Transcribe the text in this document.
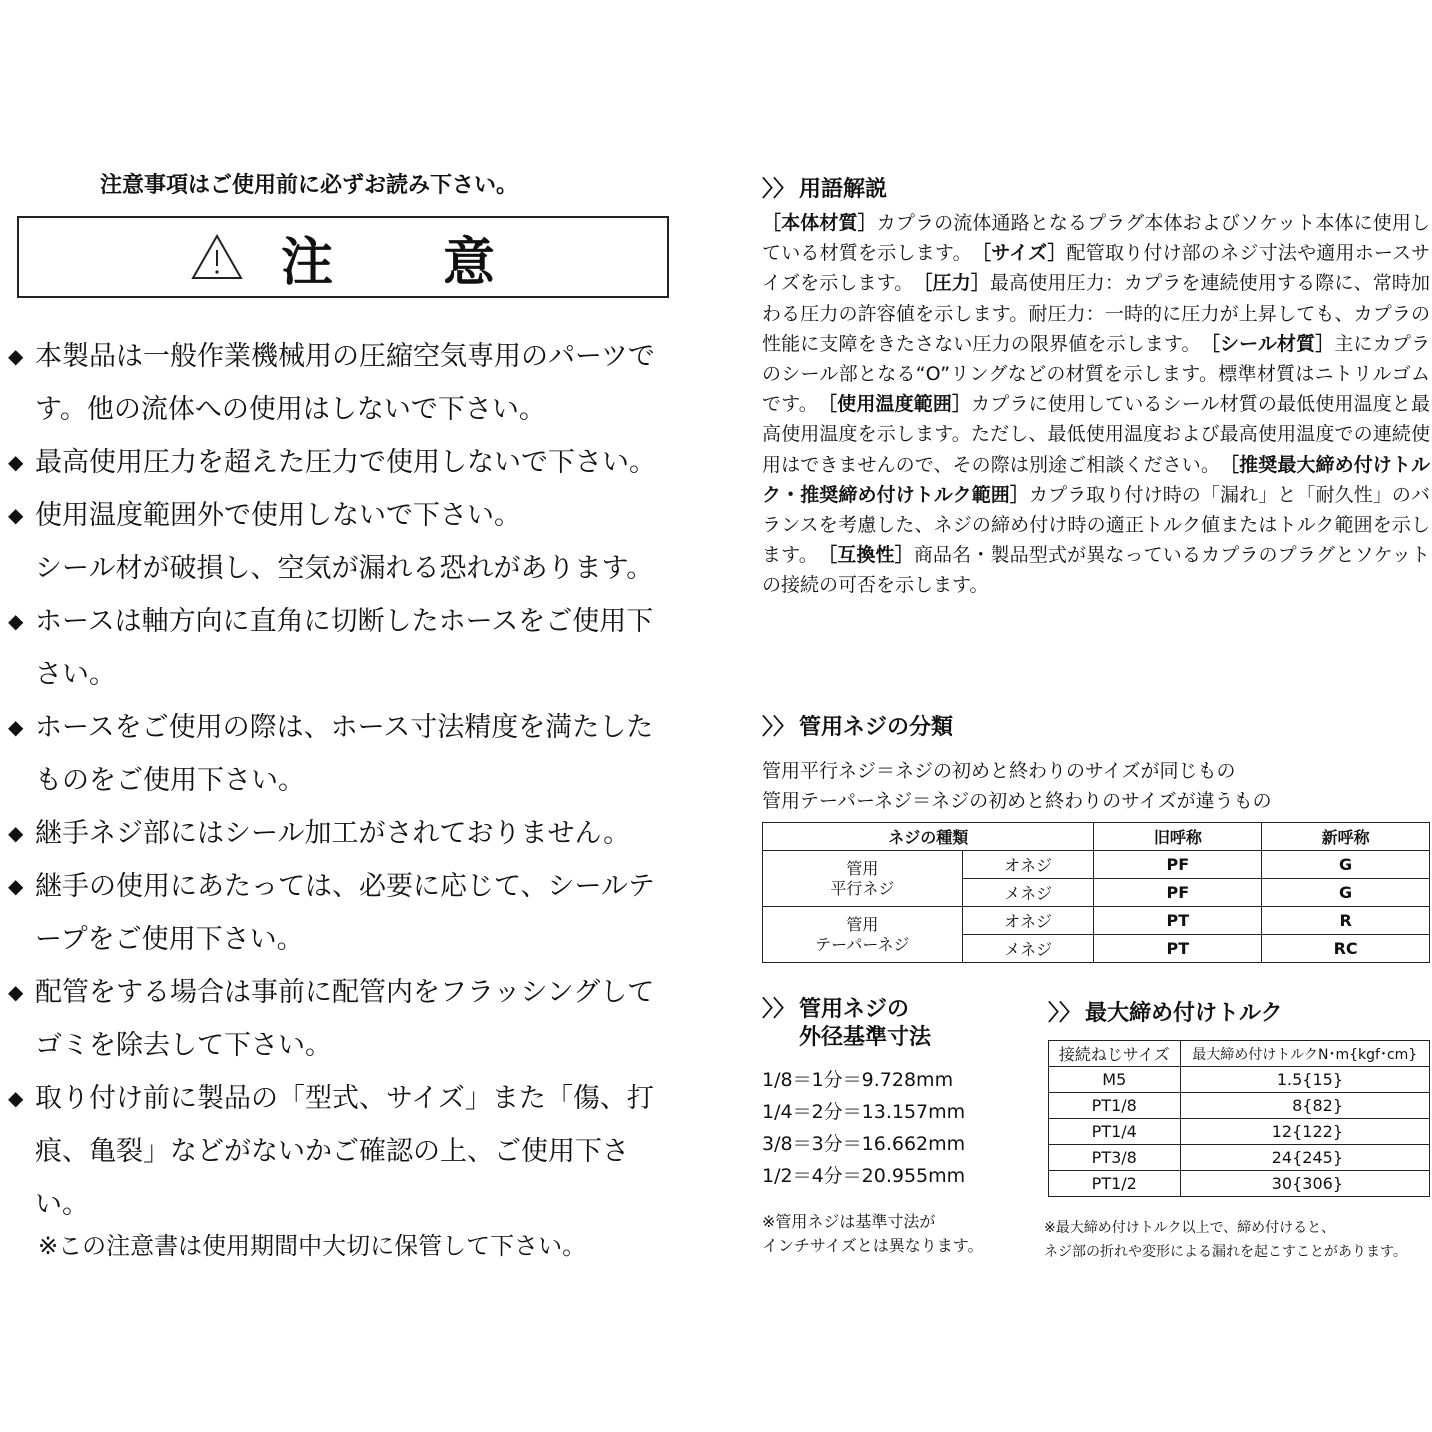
注意事項はご使用前に必ずお読み下さい。
注 意
◆ 本製品は一般作業機械用の圧縮空気専用のパーツです。他の流体への使用はしないで下さい。
◆ 最高使用圧力を超えた圧力で使用しないで下さい。
◆ 使用温度範囲外で使用しないで下さい。
シール材が破損し、空気が漏れる恐れがあります。
◆ ホースは軸方向に直角に切断したホースをご使用下さい。
◆ ホースをご使用の際は、ホース寸法精度を満たしたものをご使用下さい。
◆ 継手ネジ部にはシール加工がされておりません。
◆ 継手の使用にあたっては、必要に応じて、シールテープをご使用下さい。
◆ 配管をする場合は事前に配管内をフラッシングしてゴミを除去して下さい。
◆ 取り付け前に製品の「型式、サイズ」また「傷、打痕、亀裂」などがないかご確認の上、ご使用下さい。
※この注意書は使用期間中大切に保管して下さい。
〉〉 用語解説
［本体材質］カプラの流体通路となるプラグ本体およびソケット本体に使用している材質を示します。　 ［サイズ］配管取り付け部のネジ寸法や適用ホースサイズを示します。　 ［圧力］最高使用圧力：カプラを連続使用する際に、常時加わる圧力の許容値を示します。耐圧力：一時的に圧力が上昇しても、カプラの性能に支障をきたさない圧力の限界値を示します。　 ［シール材質］主にカプラのシール部となる“O”リングなどの材質を示します。標準材質はニトリルゴムです。　 ［使用温度範囲］カプラに使用しているシール材質の最低使用温度と最高使用温度を示します。ただし、最低使用温度および最高使用温度での連続使用はできませんので、その際は別途ご相談ください。　 ［推奨最大締め付けトルク・推奨締め付けトルク範囲］カプラ取り付け時の「漏れ」と「耐久性」のバランスを考慮した、ネジの締め付け時の適正トルク値またはトルク範囲を示します。　 ［互換性］商品名・製品型式が異なっているカプラのプラグとソケットの接続の可否を示します。
〉〉 管用ネジの分類
管用平行ネジ＝ネジの初めと終わりのサイズが同じもの
管用テーパーネジ＝ネジの初めと終わりのサイズが違うもの
ネジの種類		旧呼称	新呼称
管用
平行ネジ	オネジ	PF	G
	メネジ	PF	G
管用
テーパーネジ	オネジ	PT	R
	メネジ	PT	RC
〉〉 管用ネジの
外径基準寸法
1/8＝1分＝9.728mm
1/4＝2分＝13.157mm
3/8＝3分＝16.662mm
1/2＝4分＝20.955mm
※管用ネジは基準寸法が
インチサイズとは異なります。
〉〉 最大締め付けトルク
接続ねじサイズ	最大締め付けトルクN･m{kgf･cm}
M5	1.5{15}
PT1/8	8{82}
PT1/4	12{122}
PT3/8	24{245}
PT1/2	30{306}
※最大締め付けトルク以上で、締め付けると、
ネジ部の折れや変形による漏れを起こすことがあります。
